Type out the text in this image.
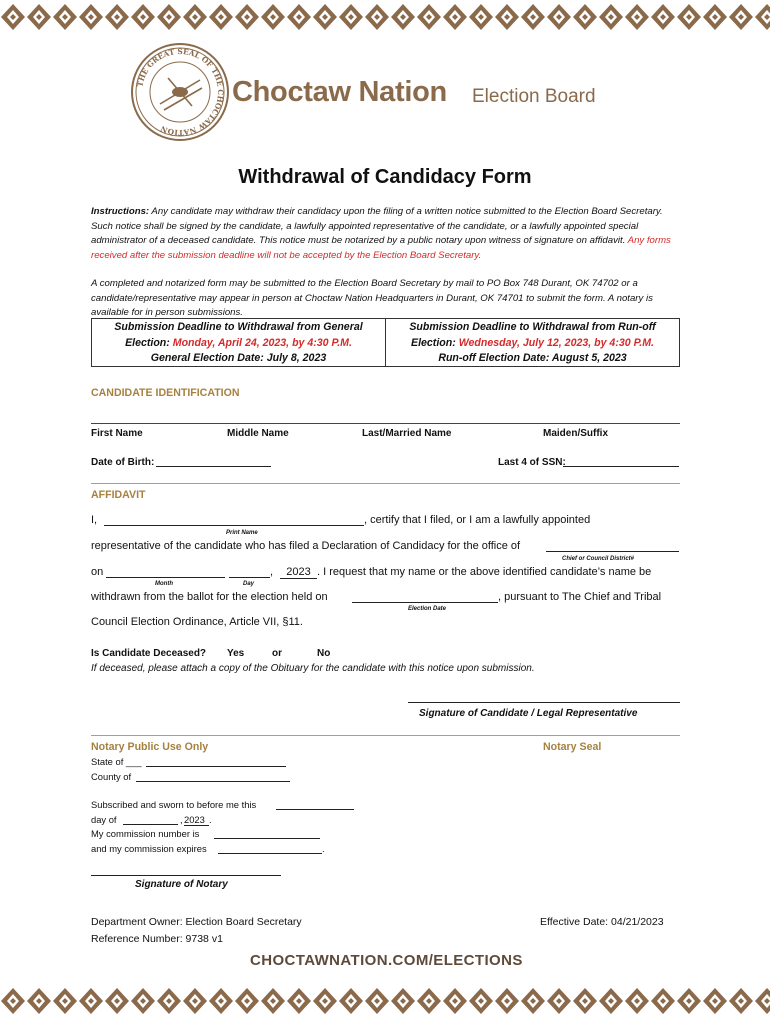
THE GREAT SEAL OF THE CHOCTAW NATION
Choctaw Nation Election Board
Withdrawal of Candidacy Form
Instructions: Any candidate may withdraw their candidacy upon the filing of a written notice submitted to the Election Board Secretary. Such notice shall be signed by the candidate, a lawfully appointed representative of the candidate, or a lawfully appointed special administrator of a deceased candidate. This notice must be notarized by a public notary upon witness of signature on affidavit. Any forms received after the submission deadline will not be accepted by the Election Board Secretary.
A completed and notarized form may be submitted to the Election Board Secretary by mail to PO Box 748 Durant, OK 74702 or a candidate/representative may appear in person at Choctaw Nation Headquarters in Durant, OK 74701 to submit the form. A notary is available for in person submissions.
Submission Deadline to Withdrawal from General
Election: Monday, April 24, 2023, by 4:30 P.M.
General Election Date: July 8, 2023
Submission Deadline to Withdrawal from Run-off
Election: Wednesday, July 12, 2023, by 4:30 P.M.
Run-off Election Date: August 5, 2023
CANDIDATE IDENTIFICATION
First Name	Middle Name	Last/Married Name	Maiden/Suffix
Date of Birth:	Last 4 of SSN:
AFFIDAVIT
I,	, certify that I filed, or I am a lawfully appointed
Print Name
representative of the candidate who has filed a Declaration of Candidacy for the office of
Chief or Council District#
on	,	2023 . I request that my name or the above identified candidate’s name be
Month	Day
withdrawn from the ballot for the election held on	, pursuant to The Chief and Tribal
Election Date
Council Election Ordinance, Article VII, §11.
Is Candidate Deceased? Yes	or	No
If deceased, please attach a copy of the Obituary for the candidate with this notice upon submission.
Signature of Candidate / Legal Representative
Notary Public Use Only	Notary Seal
State of ___
County of
Subscribed and sworn to before me this
day of	, 2023 .
My commission number is
and my commission expires	.
Signature of Notary
Department Owner: Election Board Secretary
Reference Number: 9738 v1
Effective Date: 04/21/2023
CHOCTAWNATION.COM/ELECTIONS
